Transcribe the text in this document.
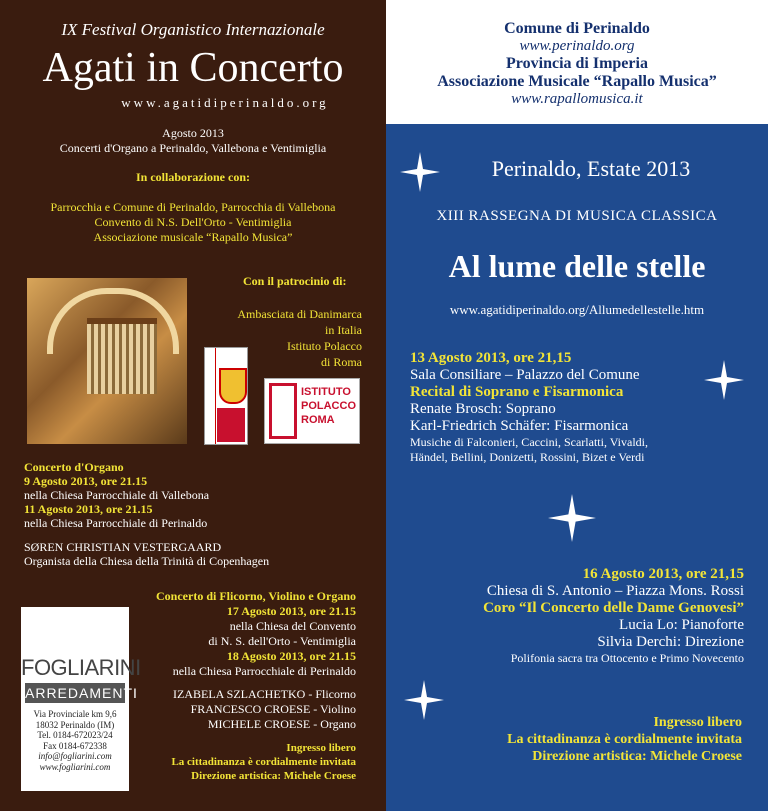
IX Festival Organistico Internazionale
Agati in Concerto
www.agatidiperinaldo.org
Agosto 2013
Concerti d'Organo a Perinaldo, Vallebona e Ventimiglia
In collaborazione con:
Parrocchia e Comune di Perinaldo, Parrocchia di Vallebona
Convento di N.S. Dell'Orto - Ventimiglia
Associazione musicale “Rapallo Musica”
Con il patrocinio di:
Ambasciata di Danimarca
in Italia
Istituto Polacco
di Roma
ISTITUTO
POLACCO
ROMA
Concerto d'Organo
9 Agosto 2013, ore 21.15
nella Chiesa Parrocchiale di Vallebona
11 Agosto 2013, ore 21.15
nella Chiesa Parrocchiale di Perinaldo
SØREN CHRISTIAN VESTERGAARD
Organista della Chiesa della Trinità di Copenhagen
Concerto di Flicorno, Violino e Organo
17 Agosto 2013, ore 21.15
nella Chiesa del Convento
di N. S. dell'Orto - Ventimiglia
18 Agosto 2013, ore 21.15
nella Chiesa Parrocchiale di Perinaldo
IZABELA SZLACHETKO - Flicorno
FRANCESCO CROESE - Violino
MICHELE CROESE - Organo
Ingresso libero
La cittadinanza è cordialmente invitata
Direzione artistica: Michele Croese
FOGLIARINI
ARREDAMENTI
Via Provinciale km 9,6
18032 Perinaldo (IM)
Tel. 0184-672023/24
Fax 0184-672338
info@fogliarini.com
www.fogliarini.com
Comune di Perinaldo
www.perinaldo.org
Provincia di Imperia
Associazione Musicale “Rapallo Musica”
www.rapallomusica.it
Perinaldo, Estate 2013
XIII RASSEGNA DI MUSICA CLASSICA
Al lume delle stelle
www.agatidiperinaldo.org/Allumedellestelle.htm
13 Agosto 2013, ore 21,15
Sala Consiliare – Palazzo del Comune
Recital di Soprano e Fisarmonica
Renate Brosch: Soprano
Karl-Friedrich Schäfer: Fisarmonica
Musiche di Falconieri, Caccini, Scarlatti, Vivaldi,
Händel, Bellini, Donizetti, Rossini, Bizet e Verdi
16 Agosto 2013, ore 21,15
Chiesa di S. Antonio – Piazza Mons. Rossi
Coro “Il Concerto delle Dame Genovesi”
Lucia Lo: Pianoforte
Silvia Derchi: Direzione
Polifonia sacra tra Ottocento e Primo Novecento
Ingresso libero
La cittadinanza è cordialmente invitata
Direzione artistica: Michele Croese
